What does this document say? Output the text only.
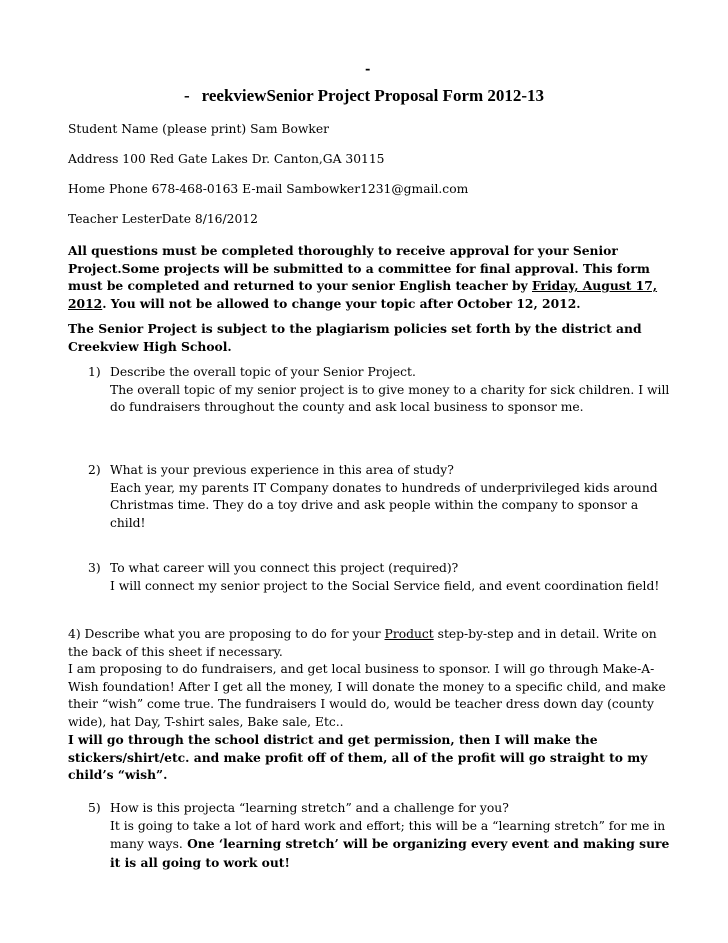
-
- reekviewSenior Project Proposal Form 2012-13
Student Name (please print) Sam Bowker
Address 100 Red Gate Lakes Dr. Canton,GA 30115
Home Phone 678-468-0163 E-mail Sambowker1231@gmail.com
Teacher LesterDate 8/16/2012
All questions must be completed thoroughly to receive approval for your Senior Project.Some projects will be submitted to a committee for final approval. This form must be completed and returned to your senior English teacher by Friday, August 17, 2012. You will not be allowed to change your topic after October 12, 2012.
The Senior Project is subject to the plagiarism policies set forth by the district and Creekview High School.
1) Describe the overall topic of your Senior Project.
The overall topic of my senior project is to give money to a charity for sick children. I will do fundraisers throughout the county and ask local business to sponsor me.
2) What is your previous experience in this area of study?
Each year, my parents IT Company donates to hundreds of underprivileged kids around Christmas time. They do a toy drive and ask people within the company to sponsor a child!
3) To what career will you connect this project (required)?
I will connect my senior project to the Social Service field, and event coordination field!
4) Describe what you are proposing to do for your Product step-by-step and in detail. Write on the back of this sheet if necessary.
I am proposing to do fundraisers, and get local business to sponsor. I will go through Make-A-Wish foundation! After I get all the money, I will donate the money to a specific child, and make their “wish” come true. The fundraisers I would do, would be teacher dress down day (county wide), hat Day, T-shirt sales, Bake sale, Etc..
I will go through the school district and get permission, then I will make the stickers/shirt/etc. and make profit off of them, all of the profit will go straight to my child’s “wish”.
5) How is this projecta “learning stretch” and a challenge for you?
It is going to take a lot of hard work and effort; this will be a “learning stretch” for me in many ways. One ‘learning stretch’ will be organizing every event and making sure it is all going to work out!
